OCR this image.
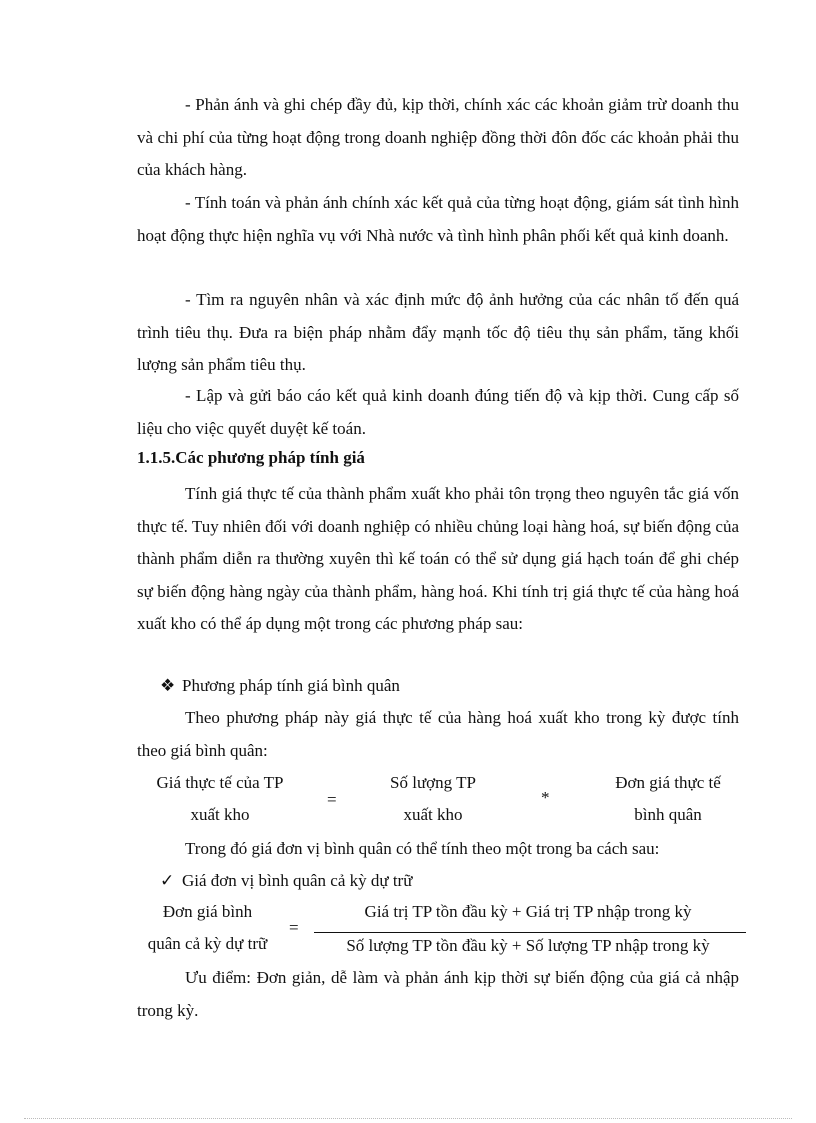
- Phản ánh và ghi chép đầy đủ, kịp thời, chính xác các khoản giảm trừ doanh thu và chi phí của từng hoạt động trong doanh nghiệp đồng thời đôn đốc các khoản phải thu của khách hàng.

- Tính toán và phản ánh chính xác kết quả của từng hoạt động, giám sát tình hình hoạt động thực hiện nghĩa vụ với Nhà nước và tình hình phân phối kết quả kinh doanh.

- Tìm ra nguyên nhân và xác định mức độ ảnh hưởng của các nhân tố đến quá trình tiêu thụ. Đưa ra biện pháp nhằm đẩy mạnh tốc độ tiêu thụ sản phẩm, tăng khối lượng sản phẩm tiêu thụ.

- Lập và gửi báo cáo kết quả kinh doanh đúng tiến độ và kịp thời. Cung cấp số liệu cho việc quyết duyệt kế toán.

1.1.5.Các phương pháp tính giá

Tính giá thực tế của thành phẩm xuất kho phải tôn trọng theo nguyên tắc giá vốn thực tế. Tuy nhiên đối với doanh nghiệp có nhiều chủng loại hàng hoá, sự biến động của thành phẩm diễn ra thường xuyên thì kế toán có thể sử dụng giá hạch toán để ghi chép sự biến động hàng ngày của thành phẩm, hàng hoá. Khi tính trị giá thực tế của hàng hoá xuất kho có thể áp dụng một trong các phương pháp sau:

❖ Phương pháp tính giá bình quân

Theo phương pháp này giá thực tế của hàng hoá xuất kho trong kỳ được tính theo giá bình quân:

Giá thực tế của TP
xuất kho
=
Số lượng TP
xuất kho
*
Đơn giá thực tế
bình quân

Trong đó giá đơn vị bình quân có thể tính theo một trong ba cách sau:

✓ Giá đơn vị bình quân cả kỳ dự trữ

Đơn giá bình
quân cả kỳ dự trữ
=
Giá trị TP tồn đầu kỳ + Giá trị TP nhập trong kỳ
Số lượng TP tồn đầu kỳ + Số lượng TP nhập trong kỳ

Ưu điểm: Đơn giản, dễ làm và phản ánh kịp thời sự biến động của giá cả nhập trong kỳ.
